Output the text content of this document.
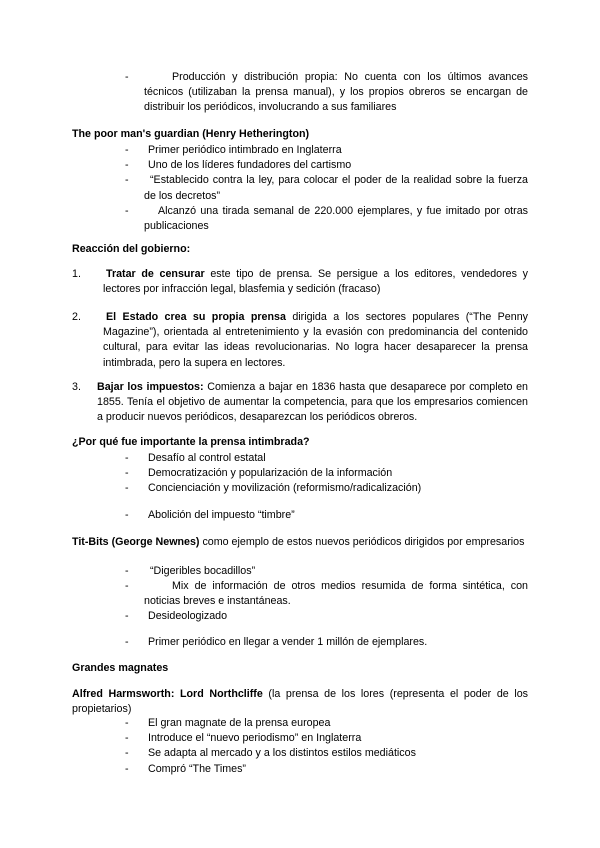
-	Producción y distribución propia: No cuenta con los últimos avances técnicos (utilizaban la prensa manual), y los propios obreros se encargan de distribuir los periódicos, involucrando a sus familiares
The poor man's guardian (Henry Hetherington)
- Primer periódico intimbrado en Inglaterra
- Uno de los líderes fundadores del cartismo
-	“Establecido contra la ley, para colocar el poder de la realidad sobre la fuerza de los decretos”
-	Alcanzó una tirada semanal de 220.000 ejemplares, y fue imitado por otras publicaciones
Reacción del gobierno:
1. Tratar de censurar este tipo de prensa. Se persigue a los editores, vendedores y lectores por infracción legal, blasfemia y sedición (fracaso)
2. El Estado crea su propia prensa dirigida a los sectores populares (“The Penny Magazine”), orientada al entretenimiento y la evasión con predominancia del contenido cultural, para evitar las ideas revolucionarias. No logra hacer desaparecer la prensa intimbrada, pero la supera en lectores.
3. Bajar los impuestos: Comienza a bajar en 1836 hasta que desaparece por completo en 1855. Tenía el objetivo de aumentar la competencia, para que los empresarios comiencen a producir nuevos periódicos, desaparezcan los periódicos obreros.
¿Por qué fue importante la prensa intimbrada?
- Desafío al control estatal
- Democratización y popularización de la información
- Concienciación y movilización (reformismo/radicalización)
- Abolición del impuesto “timbre”
Tit-Bits (George Newnes) como ejemplo de estos nuevos periódicos dirigidos por empresarios
- “Digeribles bocadillos”
-	Mix de información de otros medios resumida de forma sintética, con noticias breves e instantáneas.
- Desideologizado
- Primer periódico en llegar a vender 1 millón de ejemplares.
Grandes magnates
Alfred Harmsworth: Lord Northcliffe (la prensa de los lores (representa el poder de los propietarios)
- El gran magnate de la prensa europea
- Introduce el “nuevo periodismo” en Inglaterra
- Se adapta al mercado y a los distintos estilos mediáticos
- Compró “The Times”
